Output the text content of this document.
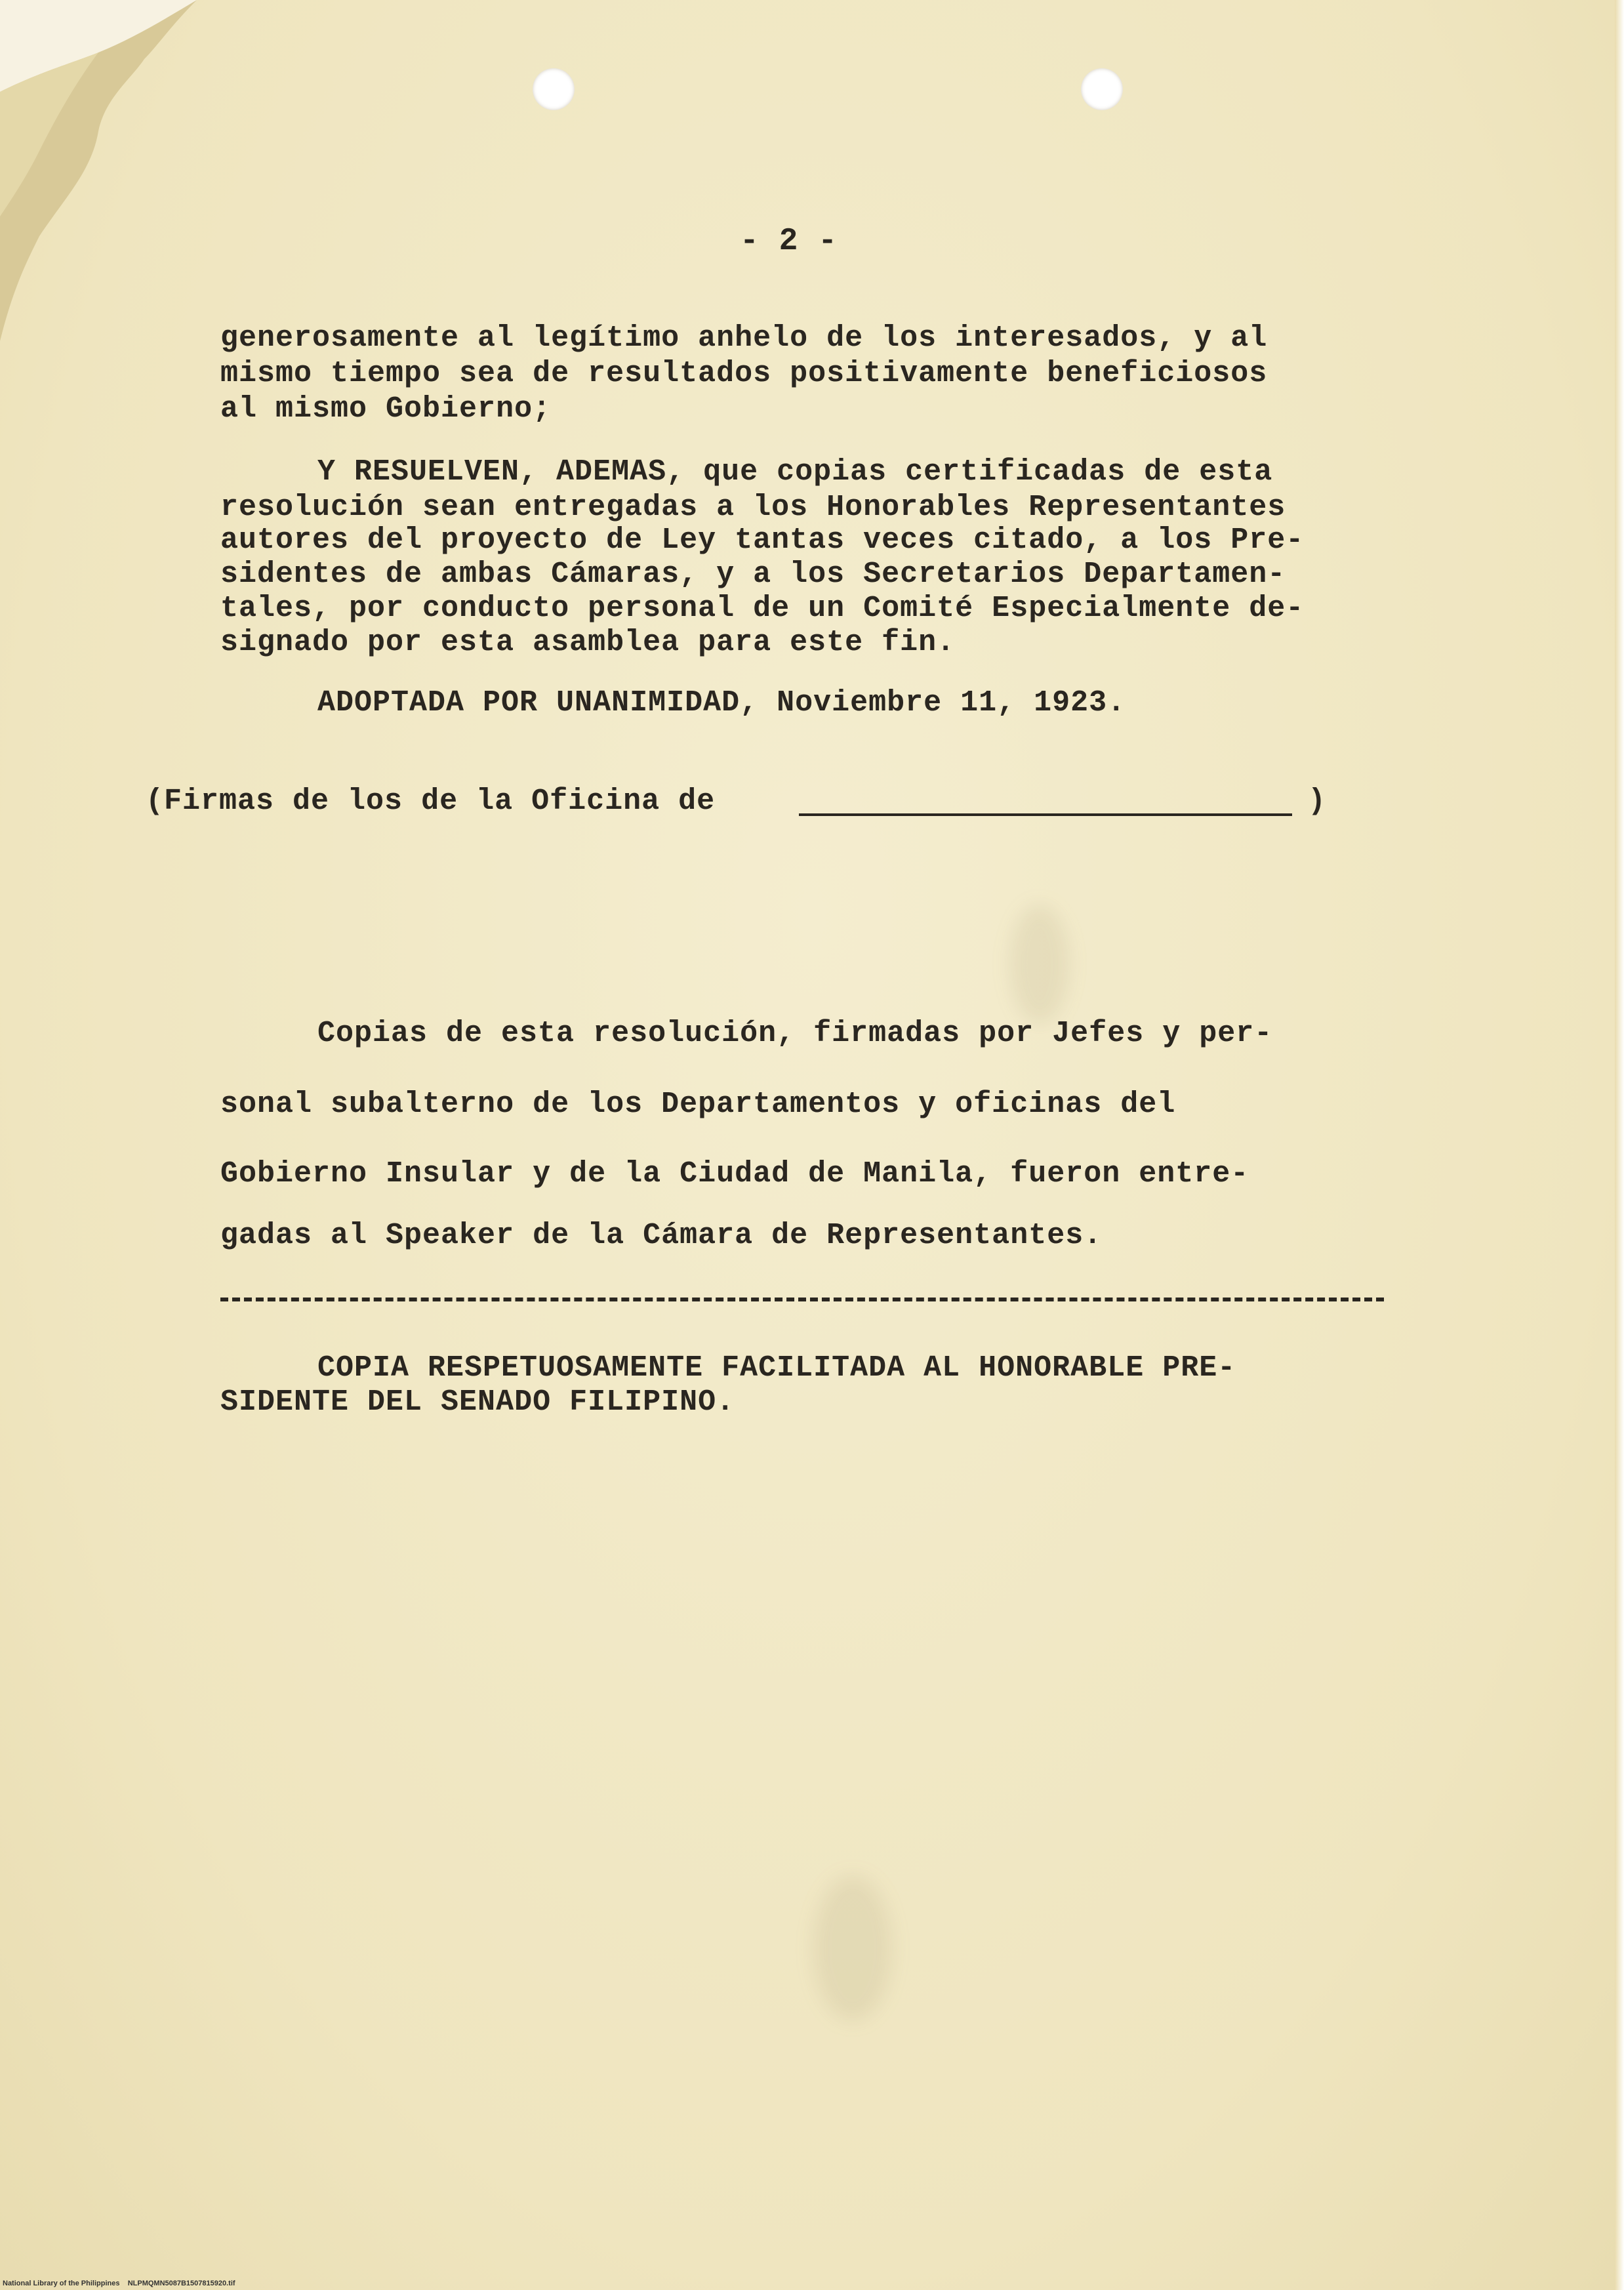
- 2 -
generosamente al legítimo anhelo de los interesados, y al
mismo tiempo sea de resultados positivamente beneficiosos
al mismo Gobierno;
Y RESUELVEN, ADEMAS, que copias certificadas de esta
resolución sean entregadas a los Honorables Representantes
autores del proyecto de Ley tantas veces citado, a los Pre-
sidentes de ambas Cámaras, y a los Secretarios Departamen-
tales, por conducto personal de un Comité Especialmente de-
signado por esta asamblea para este fin.
ADOPTADA POR UNANIMIDAD, Noviembre 11, 1923.
(Firmas de los de la Oficina de	)
Copias de esta resolución, firmadas por Jefes y per-
sonal subalterno de los Departamentos y oficinas del
Gobierno Insular y de la Ciudad de Manila, fueron entre-
gadas al Speaker de la Cámara de Representantes.
COPIA RESPETUOSAMENTE FACILITADA AL HONORABLE PRE-
SIDENTE DEL SENADO FILIPINO.
National Library of the Philippines    NLPMQMN5087B1507815920.tif
